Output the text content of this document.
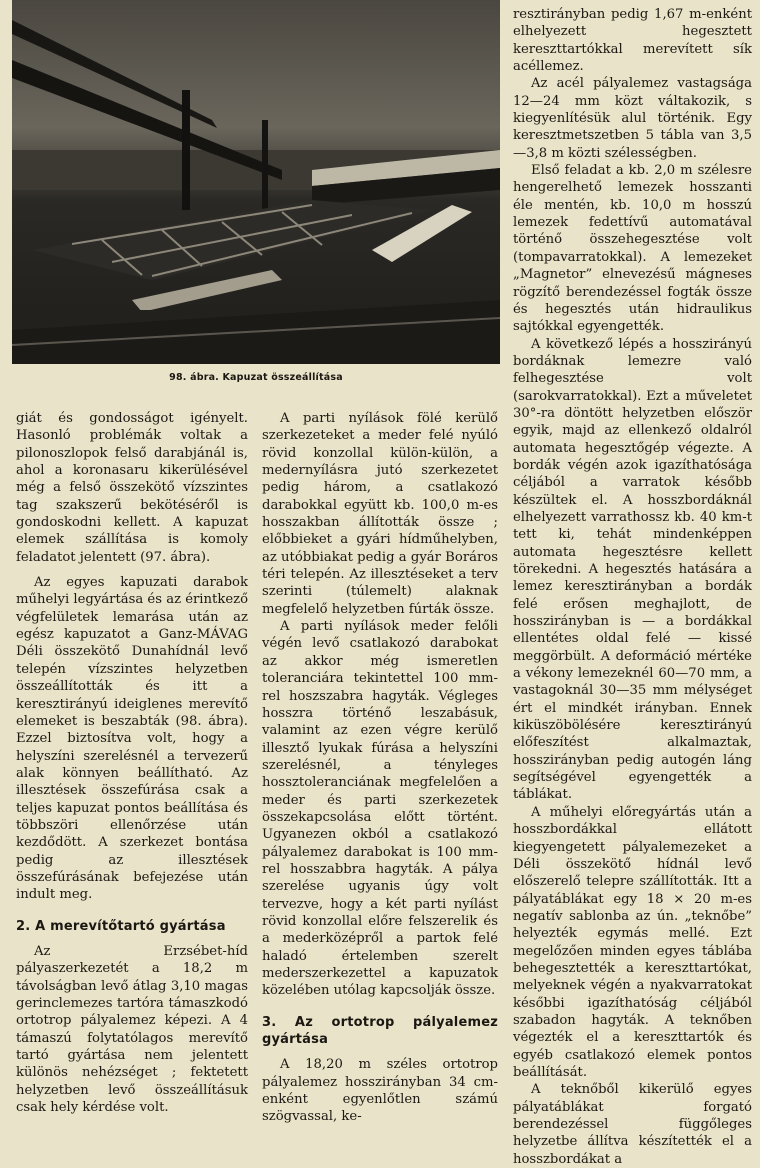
98. ábra. Kapuzat összeállítása

giát és gondosságot igényelt. Hasonló problémák voltak a pilonoszlopok felső darabjánál is, ahol a koronasaru kikerülésével még a felső összekötő vízszintes tag szakszerű bekötéséről is gondoskodni kellett. A kapuzat elemek szállítása is komoly feladatot jelentett (97. ábra).

Az egyes kapuzati darabok műhelyi legyártása és az érintkező végfelületek lemarása után az egész kapuzatot a Ganz-MÁVAG Déli összekötő Dunahídnál levő telepén vízszintes helyzetben összeállították és itt a keresztirányú ideiglenes merevítő elemeket is beszabták (98. ábra). Ezzel biztosítva volt, hogy a helyszíni szerelésnél a tervezerű alak könnyen beállítható. Az illesztések összefúrása csak a teljes kapuzat pontos beállítása és többszöri ellenőrzése után kezdődött. A szerkezet bontása pedig az illesztések összefúrásának befejezése után indult meg.

2. A merevítőtartó gyártása

Az Erzsébet-híd pályaszerkezetét a 18,2 m távolságban levő átlag 3,10 magas gerinclemezes tartóra támaszkodó ortotrop pályalemez képezi. A 4 támaszú folytatólagos merevítő tartó gyártása nem jelentett különös nehézséget ; fektetett helyzetben levő összeállításuk csak hely kérdése volt.

A parti nyílások fölé kerülő szerkezeteket a meder felé nyúló rövid konzollal külön-külön, a medernyílásra jutó szerkezetet pedig három, a csatlakozó darabokkal együtt kb. 100,0 m-es hosszakban állították össze ; előbbieket a gyári hídműhelyben, az utóbbiakat pedig a gyár Boráros téri telepén. Az illesztéseket a terv szerinti (túlemelt) alaknak megfelelő helyzetben fúrták össze.

A parti nyílások meder felőli végén levő csatlakozó darabokat az akkor még ismeretlen toleranciára tekintettel 100 mm-rel hoszszabra hagyták. Végleges hosszra történő leszabásuk, valamint az ezen végre kerülő illesztő lyukak fúrása a helyszíni szerelésnél, a tényleges hossztoleranciának megfelelően a meder és parti szerkezetek összekapcsolása előtt történt. Ugyanezen okból a csatlakozó pályalemez darabokat is 100 mm-rel hosszabbra hagyták. A pálya szerelése ugyanis úgy volt tervezve, hogy a két parti nyílást rövid konzollal előre felszerelik és a mederközépről a partok felé haladó értelemben szerelt mederszerkezettel a kapuzatok közelében utólag kapcsolják össze.

3. Az ortotrop pályalemez gyártása

A 18,20 m széles ortotrop pályalemez hosszirányban 34 cm-enként egyenlőtlen számú szögvassal, ke-

resztirányban pedig 1,67 m-enként elhelyezett hegesztett kereszttartókkal merevített sík acéllemez.

Az acél pályalemez vastagsága 12—24 mm közt váltakozik, s kiegyenlítésük alul történik. Egy keresztmetszetben 5 tábla van 3,5—3,8 m közti szélességben.

Első feladat a kb. 2,0 m szélesre hengerelhető lemezek hosszanti éle mentén, kb. 10,0 m hosszú lemezek fedettívű automatával történő összehegesztése volt (tompavarratokkal). A lemezeket „Magnetor” elnevezésű mágneses rögzítő berendezéssel fogták össze és hegesztés után hidraulikus sajtókkal egyengették.

A következő lépés a hosszirányú bordáknak lemezre való felhegesztése volt (sarokvarratokkal). Ezt a műveletet 30°-ra döntött helyzetben először egyik, majd az ellenkező oldalról automata hegesztőgép végezte. A bordák végén azok igazíthatósága céljából a varratok később készültek el. A hosszbordáknál elhelyezett varrathossz kb. 40 km-t tett ki, tehát mindenképpen automata hegesztésre kellett törekedni. A hegesztés hatására a lemez keresztirányban a bordák felé erősen meghajlott, de hosszirányban is — a bordákkal ellentétes oldal felé — kissé meggörbült. A deformáció mértéke a vékony lemezeknél 60—70 mm, a vastagoknál 30—35 mm mélységet ért el mindkét irányban. Ennek kiküszöbölésére keresztirányú előfeszítést alkalmaztak, hosszirányban pedig autogén láng segítségével egyengették a táblákat.

A műhelyi előregyártás után a hosszbordákkal ellátott kiegyengetett pályalemezeket a Déli összekötő hídnál levő előszerelő telepre szállították. Itt a pályatáblákat egy 18 × 20 m-es negatív sablonba az ún. „teknőbe” helyezték egymás mellé. Ezt megelőzően minden egyes táblába behegesztették a kereszttartókat, melyeknek végén a nyakvarratokat későbbi igazíthatóság céljából szabadon hagyták. A teknőben végezték el a kereszttartók és egyéb csatlakozó elemek pontos beállítását.

A teknőből kikerülő egyes pályatáblákat forgató berendezéssel függőleges helyzetbe állítva készítették el a hosszbordákat a
